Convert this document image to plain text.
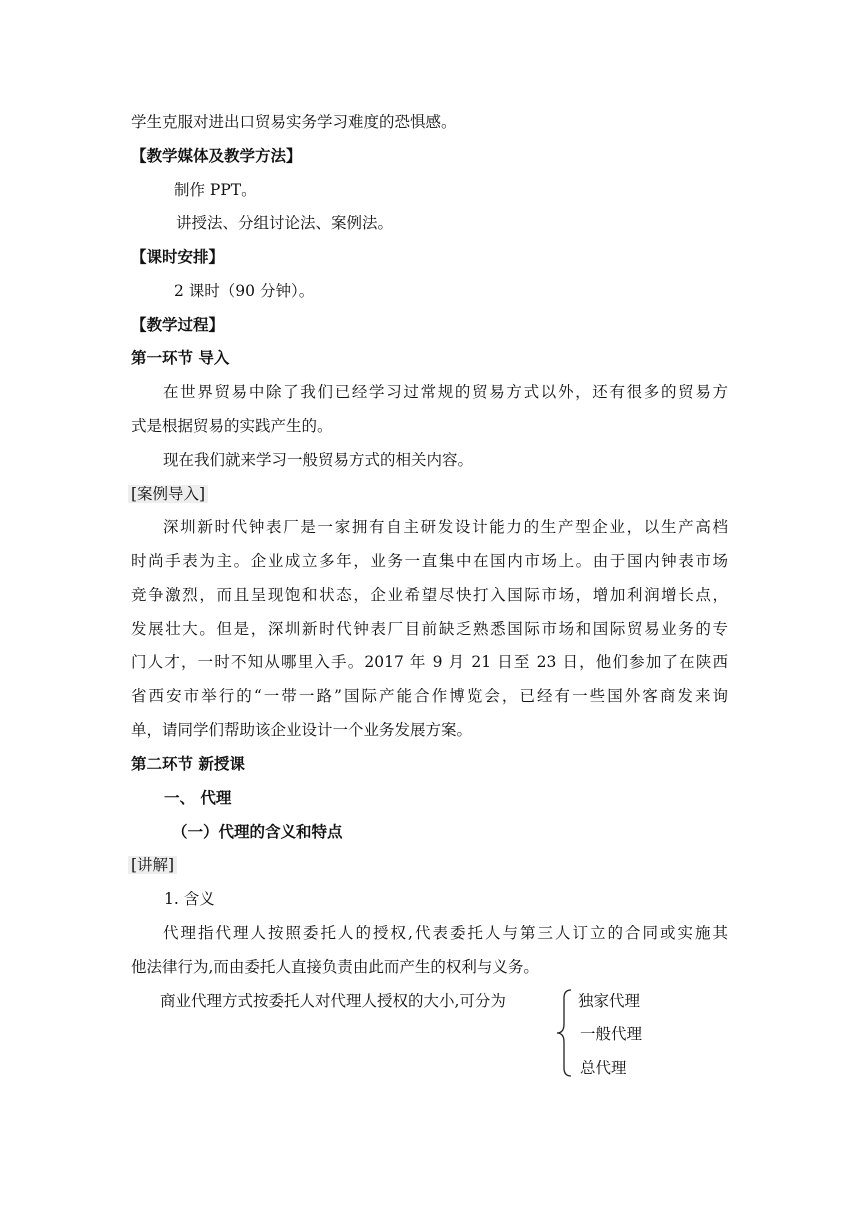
学生克服对进出口贸易实务学习难度的恐惧感。
【教学媒体及教学方法】
制作 PPT。
讲授法、分组讨论法、案例法。
【课时安排】
2 课时（90 分钟）。
【教学过程】
第一环节 导入
在世界贸易中除了我们已经学习过常规的贸易方式以外，还有很多的贸易方
式是根据贸易的实践产生的。
现在我们就来学习一般贸易方式的相关内容。
[案例导入]
深圳新时代钟表厂是一家拥有自主研发设计能力的生产型企业，以生产高档
时尚手表为主。企业成立多年，业务一直集中在国内市场上。由于国内钟表市场
竞争激烈，而且呈现饱和状态，企业希望尽快打入国际市场，增加利润增长点，
发展壮大。但是，深圳新时代钟表厂目前缺乏熟悉国际市场和国际贸易业务的专
门人才，一时不知从哪里入手。2017 年 9 月 21 日至 23 日，他们参加了在陕西
省西安市举行的“一带一路”国际产能合作博览会，已经有一些国外客商发来询
单，请同学们帮助该企业设计一个业务发展方案。
第二环节 新授课
一、 代理
（一）代理的含义和特点
[讲解]
1. 含义
代理指代理人按照委托人的授权,代表委托人与第三人订立的合同或实施其
他法律行为,而由委托人直接负责由此而产生的权利与义务。
商业代理方式按委托人对代理人授权的大小,可分为	独家代理
一般代理
总代理
